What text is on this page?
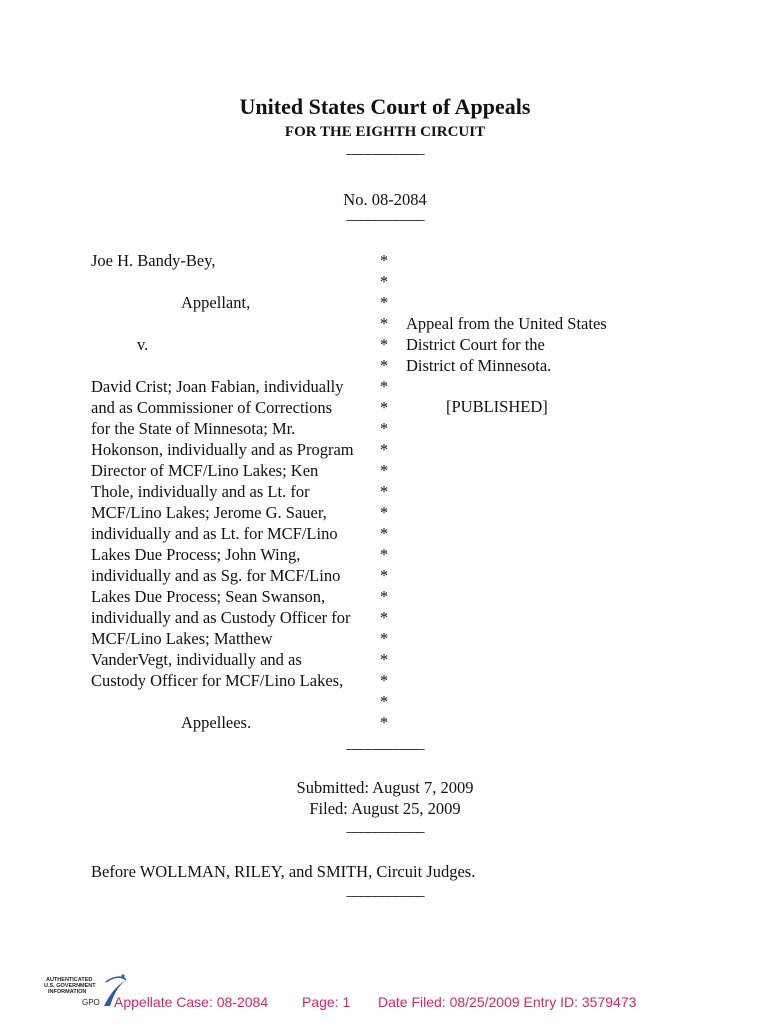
United States Court of Appeals
FOR THE EIGHTH CIRCUIT
___________
No. 08-2084
___________
Joe H. Bandy-Bey,
Appellant,
v.
David Crist; Joan Fabian, individually
and as Commissioner of Corrections
for the State of Minnesota; Mr.
Hokonson, individually and as Program
Director of MCF/Lino Lakes; Ken
Thole, individually and as Lt. for
MCF/Lino Lakes; Jerome G. Sauer,
individually and as Lt. for MCF/Lino
Lakes Due Process; John Wing,
individually and as Sg. for MCF/Lino
Lakes Due Process; Sean Swanson,
individually and as Custody Officer for
MCF/Lino Lakes; Matthew
VanderVegt, individually and as
Custody Officer for MCF/Lino Lakes,
Appellees.
*
*
*
*
*
*
*
*
*
*
*
*
*
*
*
*
*
*
*
*
*
*
*
Appeal from the United States
District Court for the
District of Minnesota.
[PUBLISHED]
___________
Submitted: August 7, 2009
Filed: August 25, 2009
___________
Before WOLLMAN, RILEY, and SMITH, Circuit Judges.
___________
AUTHENTICATED
U.S. GOVERNMENT
INFORMATION
GPO Appellate Case: 08-2084 Page: 1 Date Filed: 08/25/2009 Entry ID: 3579473
